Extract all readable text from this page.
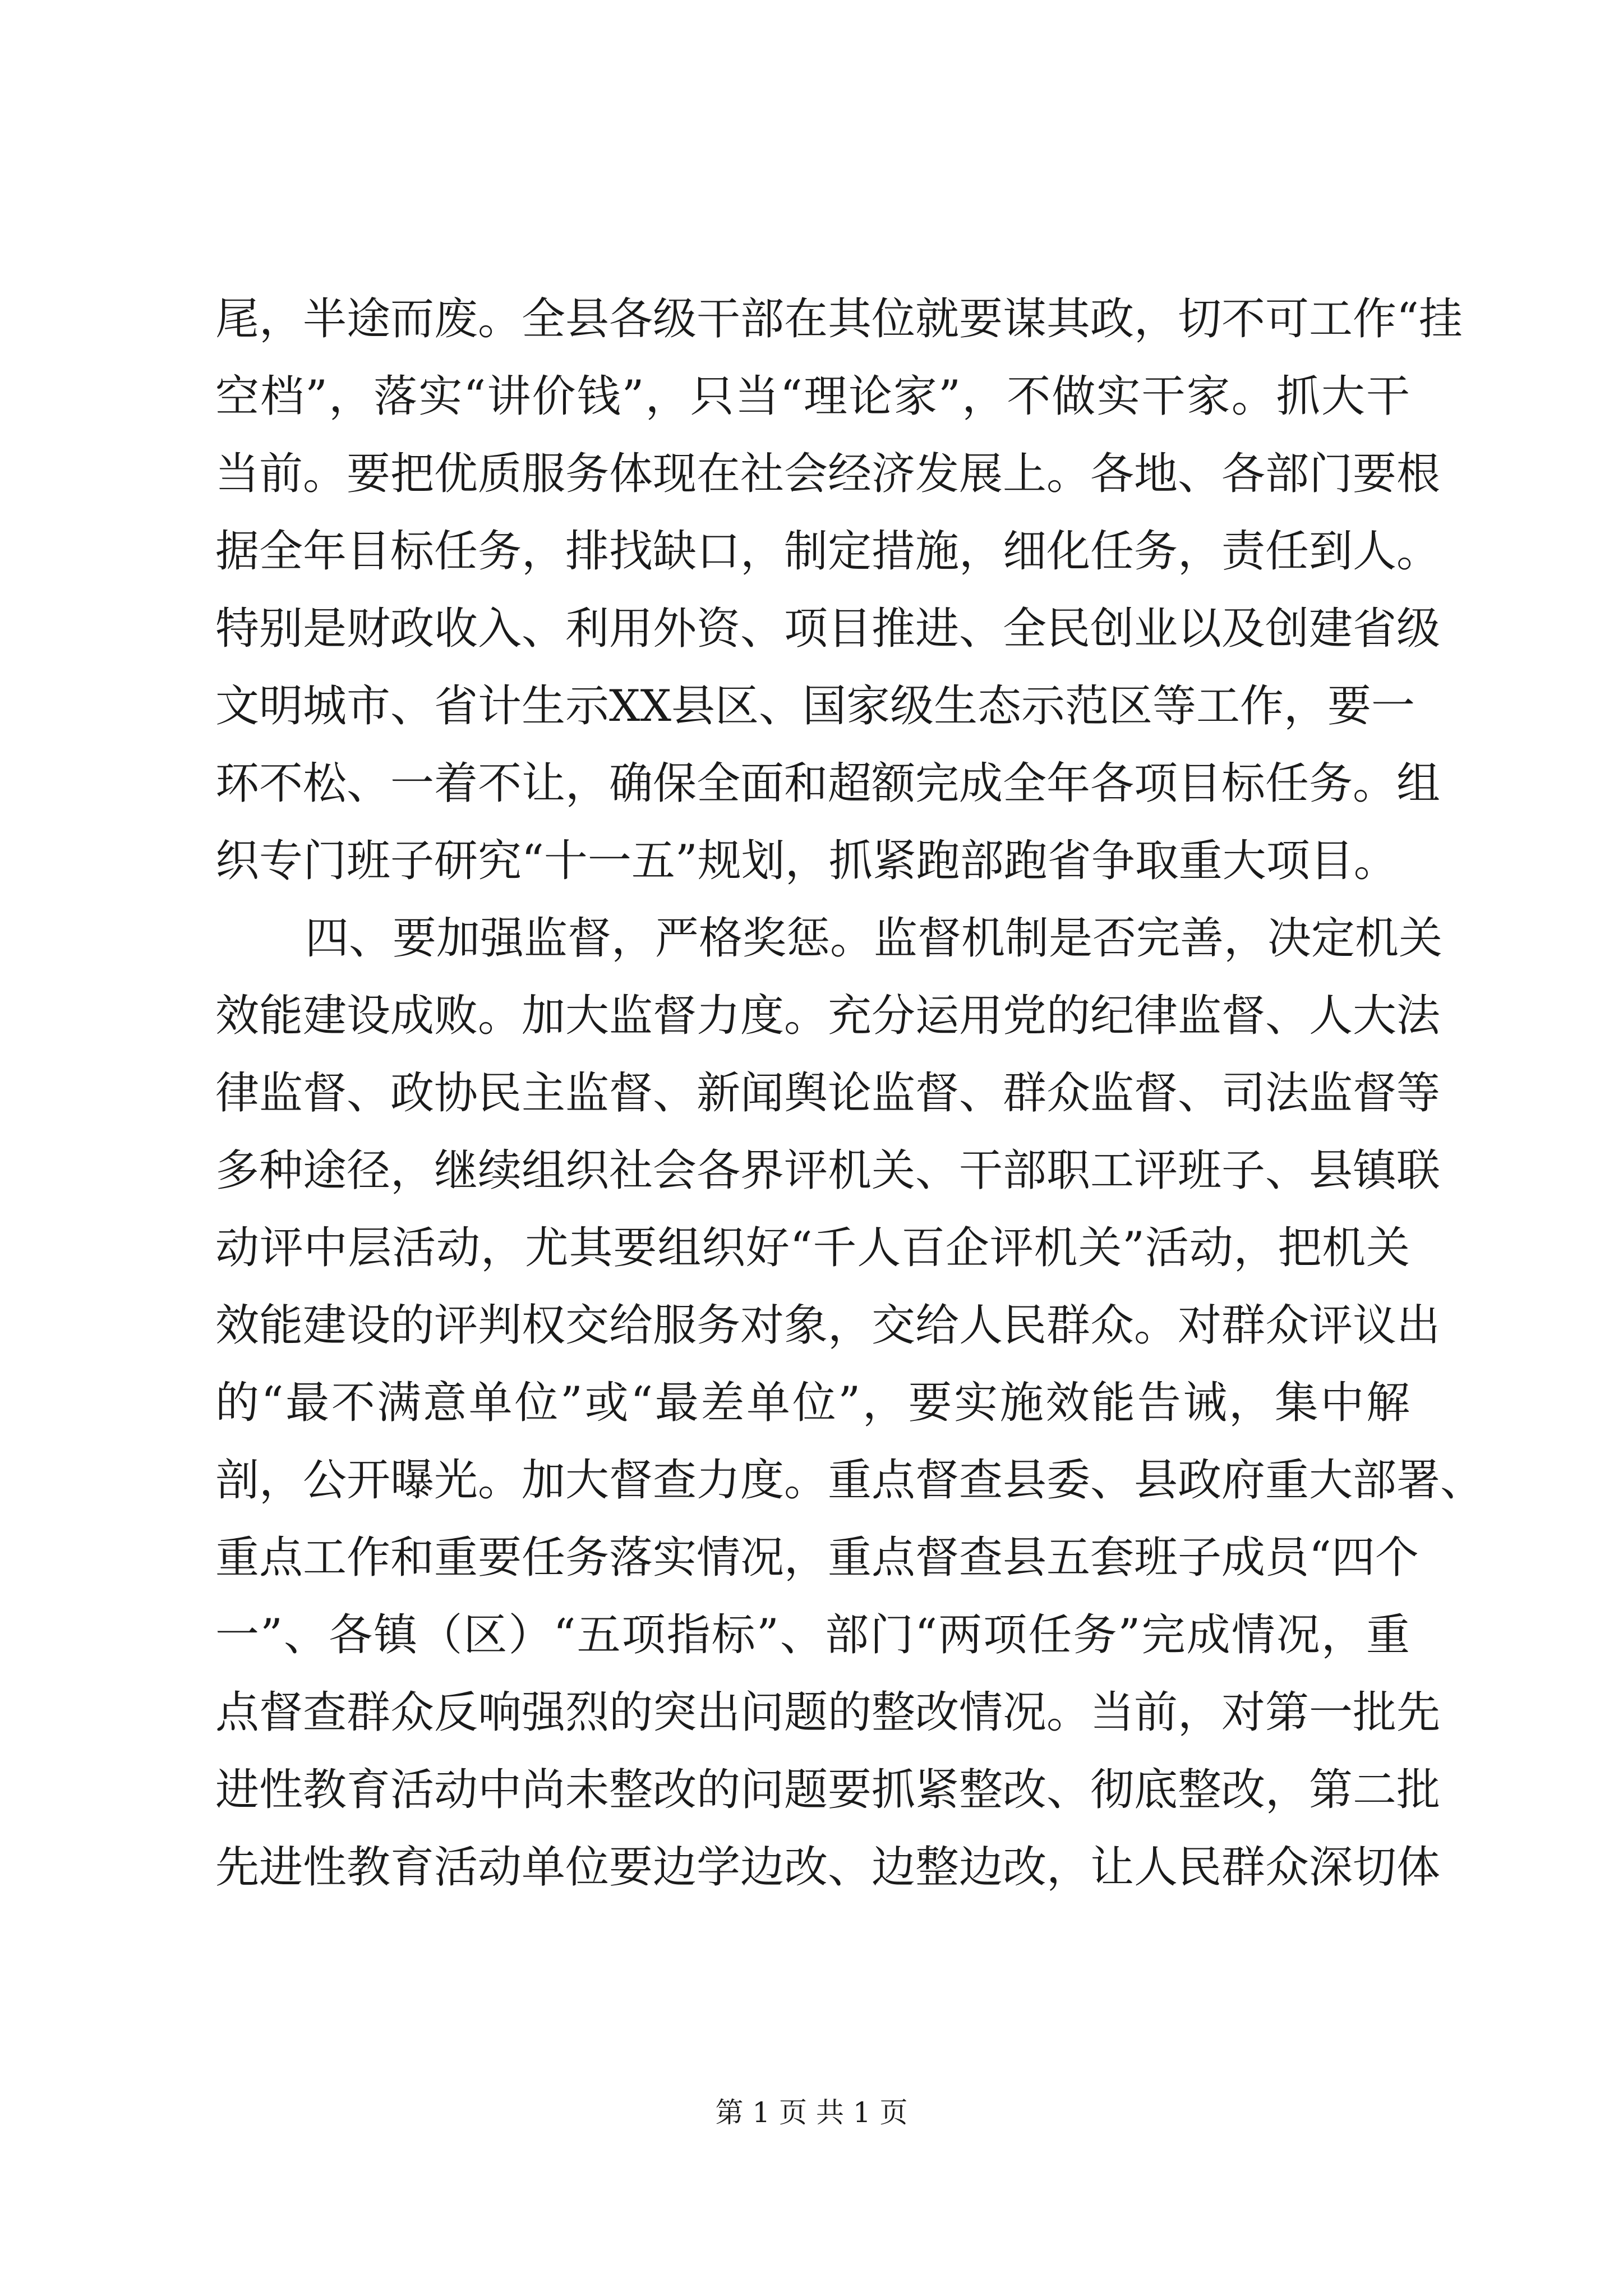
尾，半途而废。全县各级干部在其位就要谋其政，切不可工作“挂
空档”，落实“讲价钱”，只当“理论家”，不做实干家。抓大干
当前。要把优质服务体现在社会经济发展上。各地、各部门要根
据全年目标任务，排找缺口，制定措施，细化任务，责任到人。
特别是财政收入、利用外资、项目推进、全民创业以及创建省级
文明城市、省计生示XX县区、国家级生态示范区等工作，要一
环不松、一着不让，确保全面和超额完成全年各项目标任务。组
织专门班子研究“十一五”规划，抓紧跑部跑省争取重大项目。
四、要加强监督，严格奖惩。监督机制是否完善，决定机关
效能建设成败。加大监督力度。充分运用党的纪律监督、人大法
律监督、政协民主监督、新闻舆论监督、群众监督、司法监督等
多种途径，继续组织社会各界评机关、干部职工评班子、县镇联
动评中层活动，尤其要组织好“千人百企评机关”活动，把机关
效能建设的评判权交给服务对象，交给人民群众。对群众评议出
的“最不满意单位”或“最差单位”，要实施效能告诫，集中解
剖，公开曝光。加大督查力度。重点督查县委、县政府重大部署、
重点工作和重要任务落实情况，重点督查县五套班子成员“四个
一”、各镇（区）“五项指标”、部门“两项任务”完成情况，重
点督查群众反响强烈的突出问题的整改情况。当前，对第一批先
进性教育活动中尚未整改的问题要抓紧整改、彻底整改，第二批
先进性教育活动单位要边学边改、边整边改，让人民群众深切体
第 1 页 共 1 页
